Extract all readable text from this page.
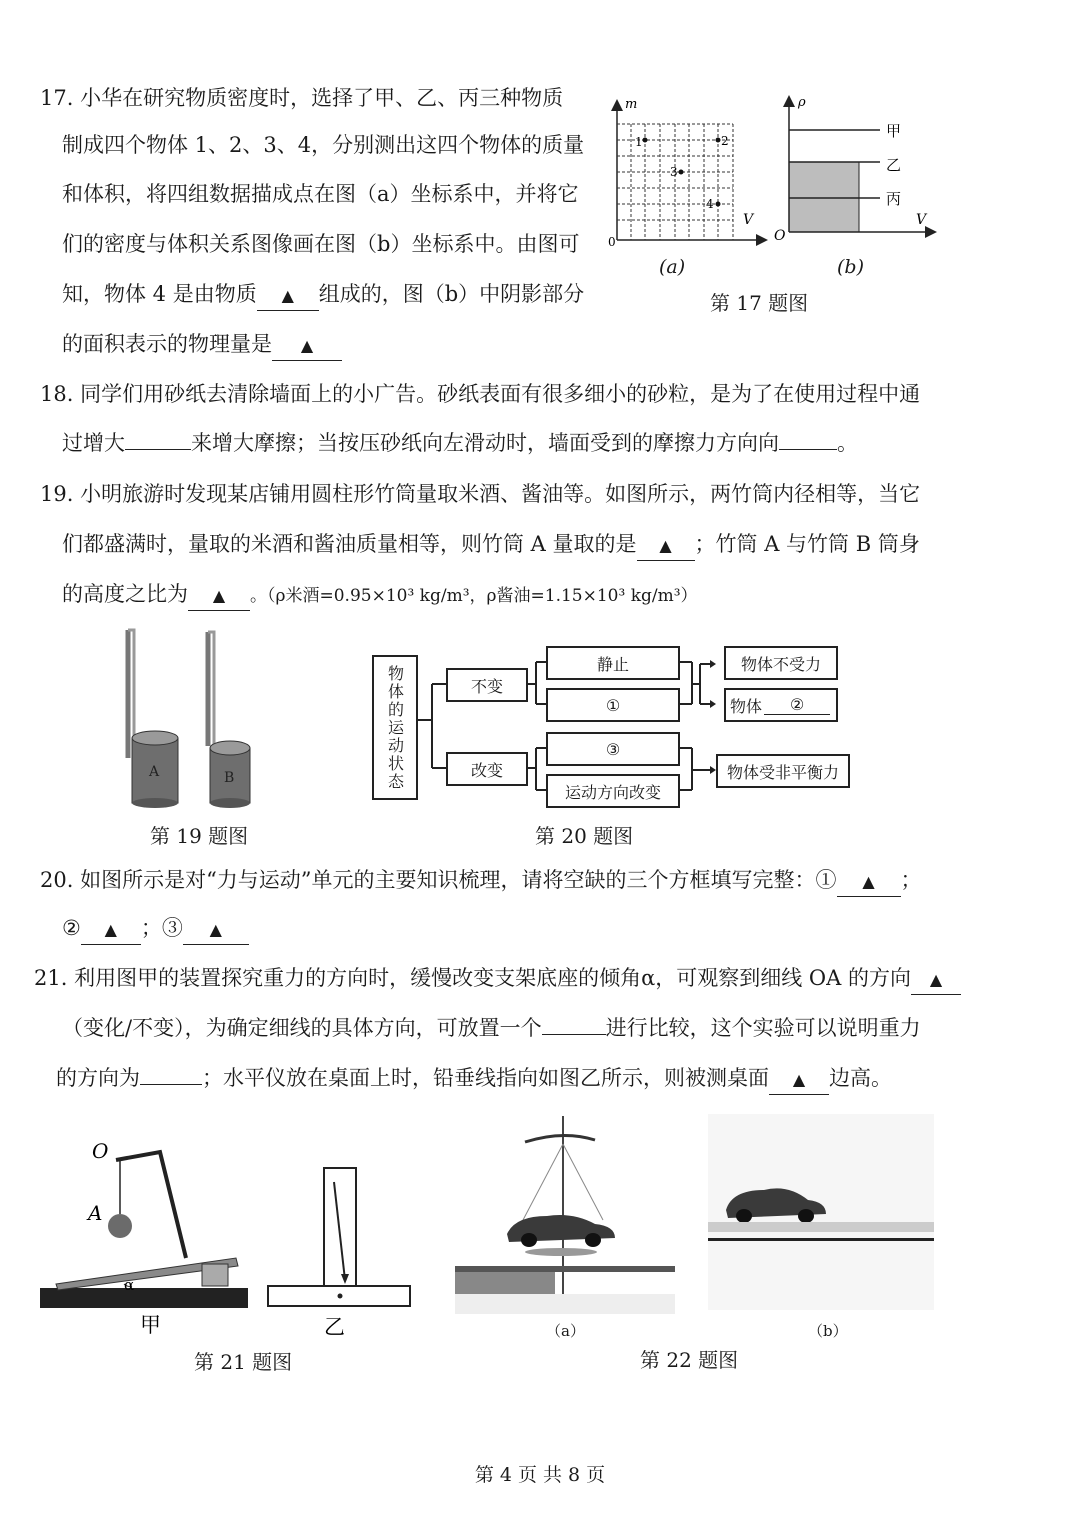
17. 小华在研究物质密度时，选择了甲、乙、丙三种物质
制成四个物体 1、2、3、4，分别测出这四个物体的质量
和体积，将四组数据描成点在图（a）坐标系中，并将它
们的密度与体积关系图像画在图（b）坐标系中。由图可
知，物体 4 是由物质 ▲ 组成的，图（b）中阴影部分
的面积表示的物理量是 ▲
1	2
3
4
m
V
0
(a)
甲
乙
丙
ρ
V
O
(b)
第 17 题图
18. 同学们用砂纸去清除墙面上的小广告。砂纸表面有很多细小的砂粒，是为了在使用过程中通
过增大	来增大摩擦；当按压砂纸向左滑动时，墙面受到的摩擦力方向向	。
19. 小明旅游时发现某店铺用圆柱形竹筒量取米酒、酱油等。如图所示，两竹筒内径相等，当它
们都盛满时，量取的米酒和酱油质量相等，则竹筒 A 量取的是 ▲ ；竹筒 A 与竹筒 B 筒身
的高度之比为 ▲ 。（ρ米酒=0.95×10³ kg/m³，ρ酱油=1.15×10³ kg/m³）
A	B
第 19 题图
物体的运动状态	不变
改变
静止
①
③
运动方向改变
物体不受力
物体	②
物体受非平衡力
第 20 题图
20. 如图所示是对“力与运动”单元的主要知识梳理，请将空缺的三个方框填写完整：① ▲ ；
② ▲ ；③ ▲
21. 利用图甲的装置探究重力的方向时，缓慢改变支架底座的倾角α，可观察到细线 OA 的方向 ▲
（变化/不变），为确定细线的具体方向，可放置一个	进行比较，这个实验可以说明重力
的方向为	；水平仪放在桌面上时，铅垂线指向如图乙所示，则被测桌面 ▲ 边高。
α
O
A
甲	乙
第 21 题图
（a）	（b）
第 22 题图
第 4 页 共 8 页
